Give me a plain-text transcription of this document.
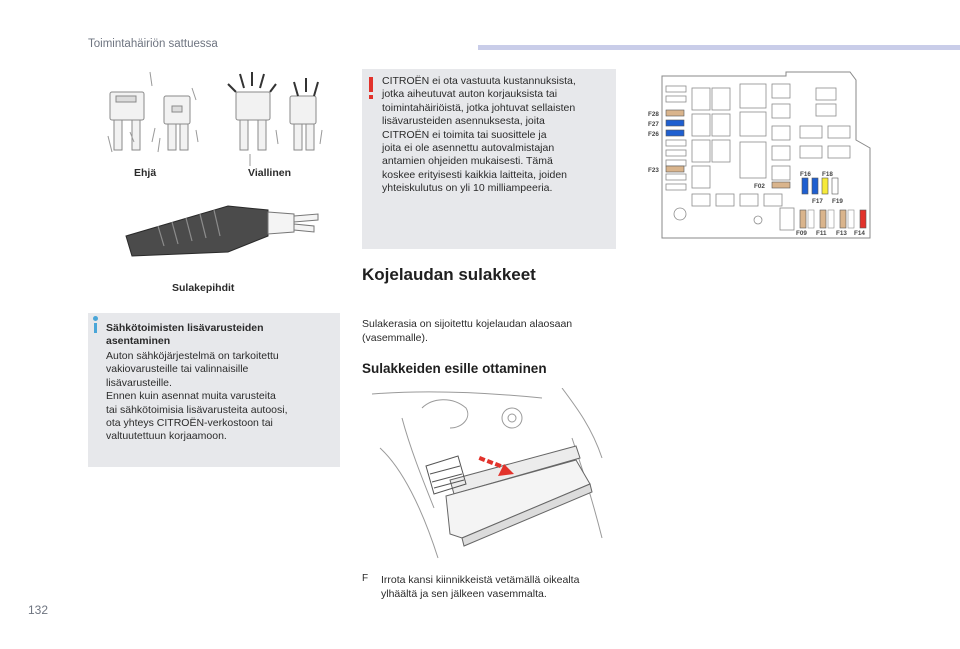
Toimintahäiriön sattuessa
Ehjä	Viallinen
Sulakepihdit
Sähkötoimisten lisävarusteiden asentaminen
Auton sähköjärjestelmä on tarkoitettu
vakiovarusteille tai valinnaisille
lisävarusteille.
Ennen kuin asennat muita varusteita
tai sähkötoimisia lisävarusteita autoosi,
ota yhteys CITROËN-verkostoon tai
valtuutettuun korjaamoon.
CITROËN ei ota vastuuta kustannuksista,
jotka aiheutuvat auton korjauksista tai
toimintahäiriöistä, jotka johtuvat sellaisten
lisävarusteiden asennuksesta, joita
CITROËN ei toimita tai suosittele ja
joita ei ole asennettu autovalmistajan
antamien ohjeiden mukaisesti. Tämä
koskee erityisesti kaikkia laitteita, joiden
yhteiskulutus on yli 10 milliampeeria.
Kojelaudan sulakkeet
Sulakerasia on sijoitettu kojelaudan alaosaan (vasemmalle).
Sulakkeiden esille ottaminen
F Irrota kansi kiinnikkeistä vetämällä oikealta
ylhäältä ja sen jälkeen vasemmalta.
F28
F27
F26
F23
F02
F16 F18
F17 F19
F09 F11 F13 F14
132
